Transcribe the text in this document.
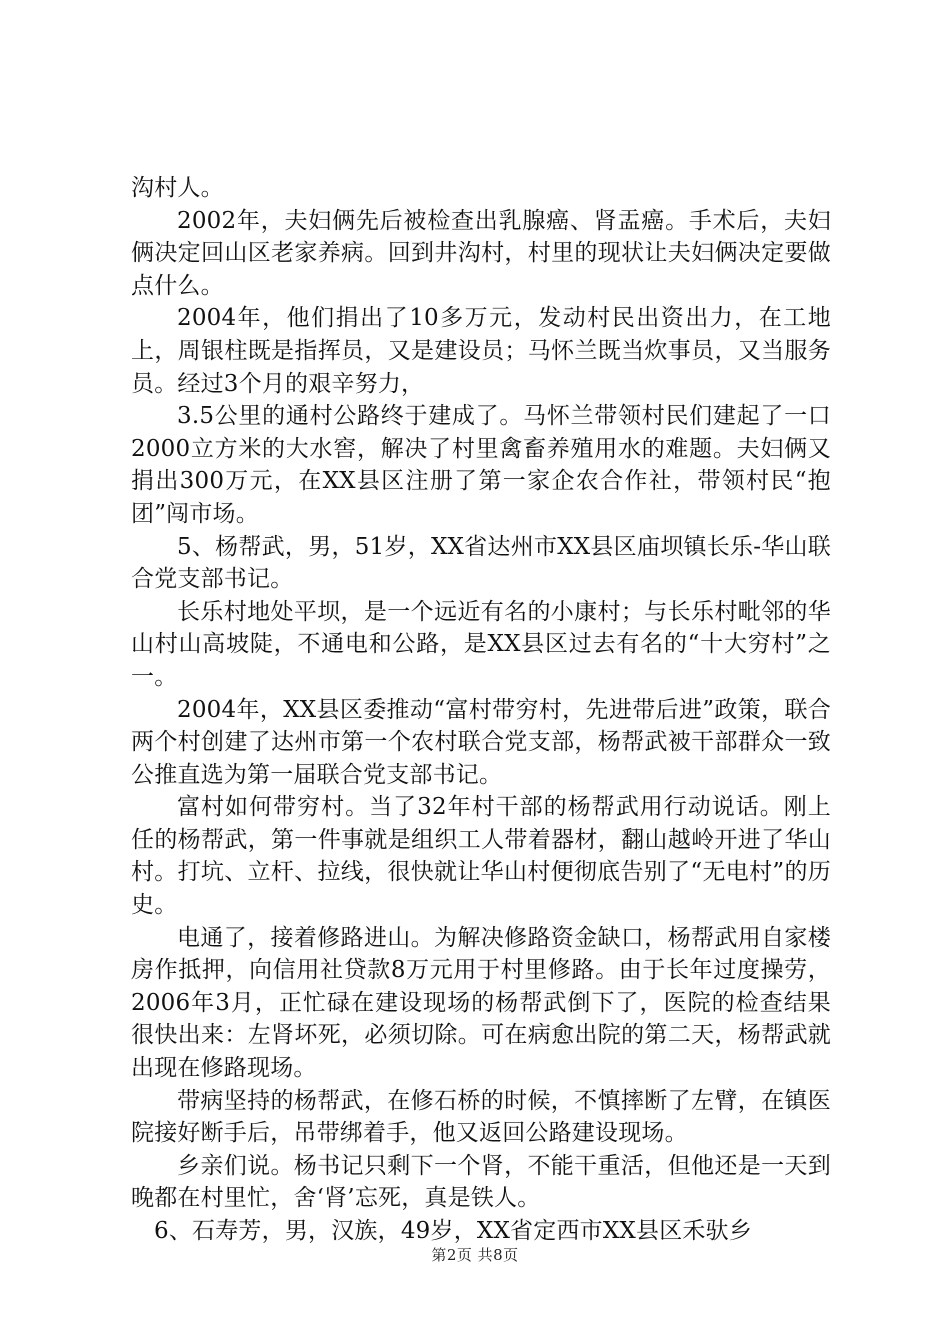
沟村人。

2002年，夫妇俩先后被检查出乳腺癌、肾盂癌。手术后，夫妇俩决定回山区老家养病。回到井沟村，村里的现状让夫妇俩决定要做点什么。

2004年，他们捐出了10多万元，发动村民出资出力，在工地上，周银柱既是指挥员，又是建设员；马怀兰既当炊事员，又当服务员。经过3个月的艰辛努力，

3.5公里的通村公路终于建成了。马怀兰带领村民们建起了一口2000立方米的大水窖，解决了村里禽畜养殖用水的难题。夫妇俩又捐出300万元，在XX县区注册了第一家企农合作社，带领村民“抱团”闯市场。

5、杨帮武，男，51岁，XX省达州市XX县区庙坝镇长乐-华山联合党支部书记。

长乐村地处平坝，是一个远近有名的小康村；与长乐村毗邻的华山村山高坡陡，不通电和公路，是XX县区过去有名的“十大穷村”之一。

2004年，XX县区委推动“富村带穷村，先进带后进”政策，联合两个村创建了达州市第一个农村联合党支部，杨帮武被干部群众一致公推直选为第一届联合党支部书记。

富村如何带穷村。当了32年村干部的杨帮武用行动说话。刚上任的杨帮武，第一件事就是组织工人带着器材，翻山越岭开进了华山村。打坑、立杆、拉线，很快就让华山村便彻底告别了“无电村”的历史。

电通了，接着修路进山。为解决修路资金缺口，杨帮武用自家楼房作抵押，向信用社贷款8万元用于村里修路。由于长年过度操劳，2006年3月，正忙碌在建设现场的杨帮武倒下了，医院的检查结果很快出来：左肾坏死，必须切除。可在病愈出院的第二天，杨帮武就出现在修路现场。

带病坚持的杨帮武，在修石桥的时候，不慎摔断了左臂，在镇医院接好断手后，吊带绑着手，他又返回公路建设现场。

乡亲们说。杨书记只剩下一个肾，不能干重活，但他还是一天到晚都在村里忙，舍‘肾’忘死，真是铁人。

6、石寿芳，男，汉族，49岁，XX省定西市XX县区禾驮乡

第2页 共8页
